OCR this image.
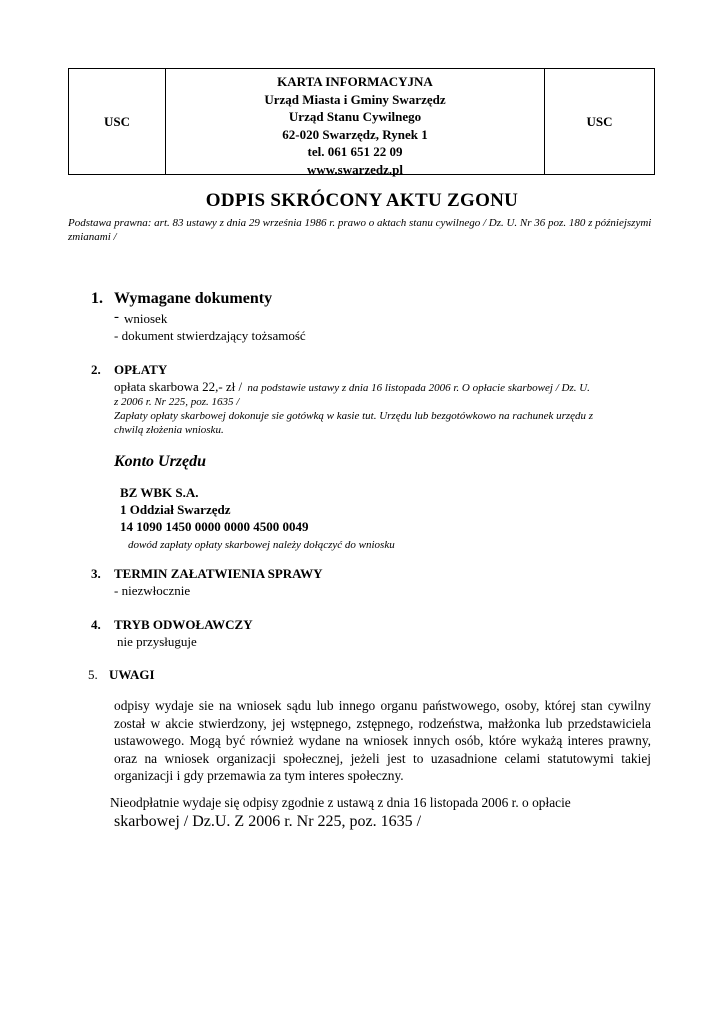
USC
KARTA INFORMACYJNA
Urząd Miasta i Gminy Swarzędz
Urząd Stanu Cywilnego
62-020 Swarzędz, Rynek 1
tel. 061 651 22 09
www.swarzedz.pl
USC
ODPIS SKRÓCONY AKTU ZGONU
Podstawa prawna: art. 83 ustawy z dnia 29 września 1986 r. prawo o aktach stanu cywilnego / Dz. U. Nr 36 poz. 180 z późniejszymi zmianami /
1. Wymagane dokumenty
- wniosek
- dokument stwierdzający tożsamość
2. OPŁATY
opłata skarbowa 22,- zł / na podstawie ustawy z dnia 16 listopada 2006 r. O opłacie skarbowej / Dz. U.
z 2006 r. Nr 225, poz. 1635 /
Zapłaty opłaty skarbowej dokonuje sie gotówką w kasie tut. Urzędu lub bezgotówkowo na rachunek urzędu z
chwilą złożenia wniosku.
Konto Urzędu
BZ WBK S.A.
1 Oddział Swarzędz
14 1090 1450 0000 0000 4500 0049
dowód zapłaty opłaty skarbowej należy dołączyć do wniosku
3. TERMIN ZAŁATWIENIA SPRAWY
- niezwłocznie
4. TRYB ODWOŁAWCZY
nie przysługuje
5. UWAGI
odpisy wydaje sie na wniosek sądu lub innego organu państwowego, osoby, której stan cywilny został w akcie stwierdzony, jej wstępnego, zstępnego, rodzeństwa, małżonka lub przedstawiciela ustawowego. Mogą być również wydane na wniosek innych osób, które wykażą interes prawny, oraz na wniosek organizacji społecznej, jeżeli jest to uzasadnione celami statutowymi takiej organizacji i gdy przemawia za tym interes społeczny.
Nieodpłatnie wydaje się odpisy zgodnie z ustawą z dnia 16 listopada 2006 r. o opłacie
skarbowej / Dz.U. Z 2006 r. Nr 225, poz. 1635 /
